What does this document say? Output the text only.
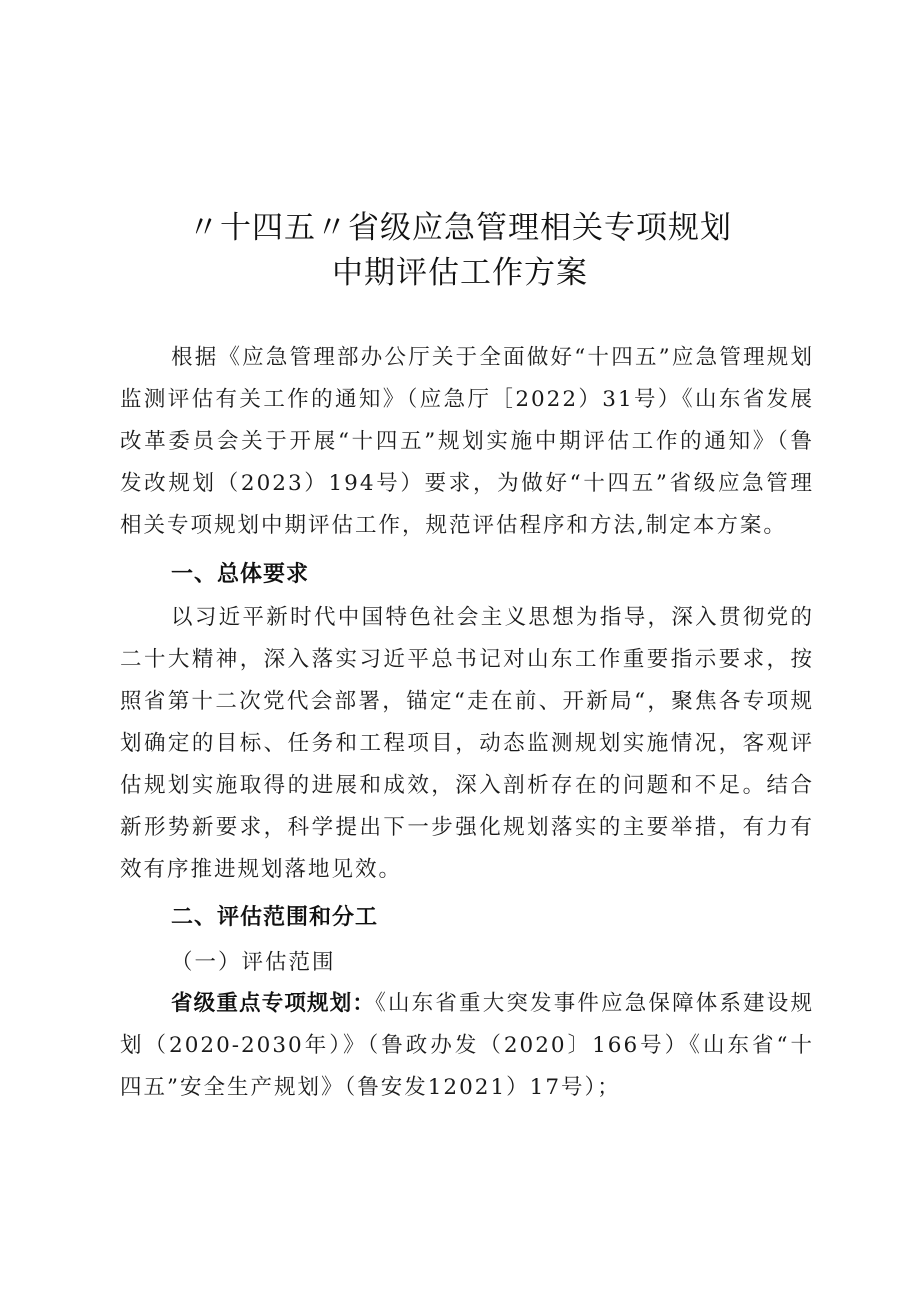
〃十四五〃省级应急管理相关专项规划
中期评估工作方案

根据《应急管理部办公厅关于全面做好“十四五”应急管理规划监测评估有关工作的通知》（应急厅［2022）31号）《山东省发展改革委员会关于开展“十四五”规划实施中期评估工作的通知》（鲁发改规划（2023）194号）要求，为做好“十四五”省级应急管理相关专项规划中期评估工作，规范评估程序和方法,制定本方案。

一、总体要求

以习近平新时代中国特色社会主义思想为指导，深入贯彻党的二十大精神，深入落实习近平总书记对山东工作重要指示要求，按照省第十二次党代会部署，锚定“走在前、开新局“，聚焦各专项规划确定的目标、任务和工程项目，动态监测规划实施情况，客观评估规划实施取得的进展和成效，深入剖析存在的问题和不足。结合新形势新要求，科学提出下一步强化规划落实的主要举措，有力有效有序推进规划落地见效。

二、评估范围和分工

（一）评估范围

省级重点专项规划：《山东省重大突发事件应急保障体系建设规划（2020-2030年）》（鲁政办发（2020〕166号）《山东省“十四五”安全生产规划》（鲁安发12021）17号）；
